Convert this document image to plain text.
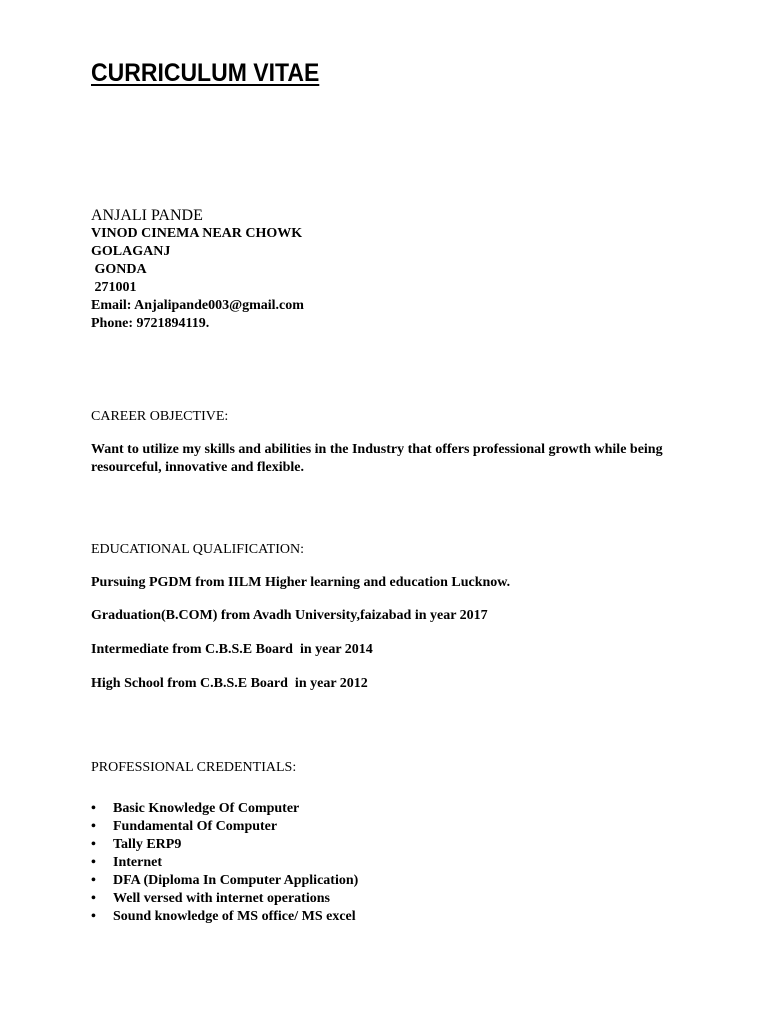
CURRICULUM VITAE
ANJALI PANDE
VINOD CINEMA NEAR CHOWK
GOLAGANJ
GONDA
271001
Email: Anjalipande003@gmail.com
Phone: 9721894119.
CAREER OBJECTIVE:

Want to utilize my skills and abilities in the Industry that offers professional growth while being resourceful, innovative and flexible.

EDUCATIONAL QUALIFICATION:

Pursuing PGDM from IILM Higher learning and education Lucknow.

Graduation(B.COM) from Avadh University,faizabad in year 2017

Intermediate from C.B.S.E Board  in year 2014

High School from C.B.S.E Board  in year 2012

PROFESSIONAL CREDENTIALS:
• Basic Knowledge Of Computer
• Fundamental Of Computer
• Tally ERP9
• Internet
• DFA (Diploma In Computer Application)
• Well versed with internet operations
• Sound knowledge of MS office/ MS excel
